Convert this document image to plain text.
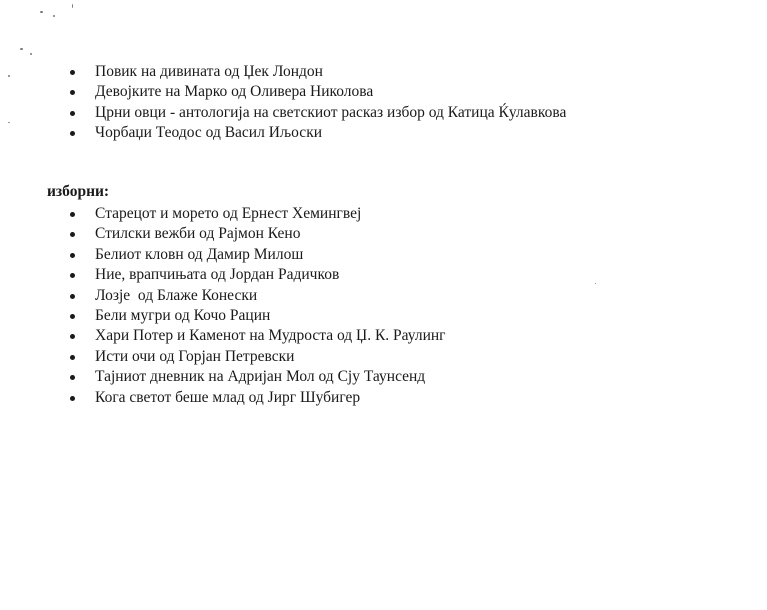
Повик на дивината од Џек Лондон
Девојките на Марко од Оливера Николова
Црни овци - антологија на светскиот расказ избор од Катица Ќулавкова
Чорбаџи Теодос од Васил Иљоски
изборни:
Старецот и морето од Ернест Хемингвеј
Стилски вежби од Рајмон Кено
Белиот кловн од Дамир Милош
Ние, врапчињата од Јордан Радичков
Лозје  од Блаже Конески
Бели мугри од Кочо Рацин
Хари Потер и Каменот на Мудроста од Џ. К. Раулинг
Исти очи од Горјан Петревски
Тајниот дневник на Адријан Мол од Сју Таунсенд
Кога светот беше млад од Јирг Шубигер
